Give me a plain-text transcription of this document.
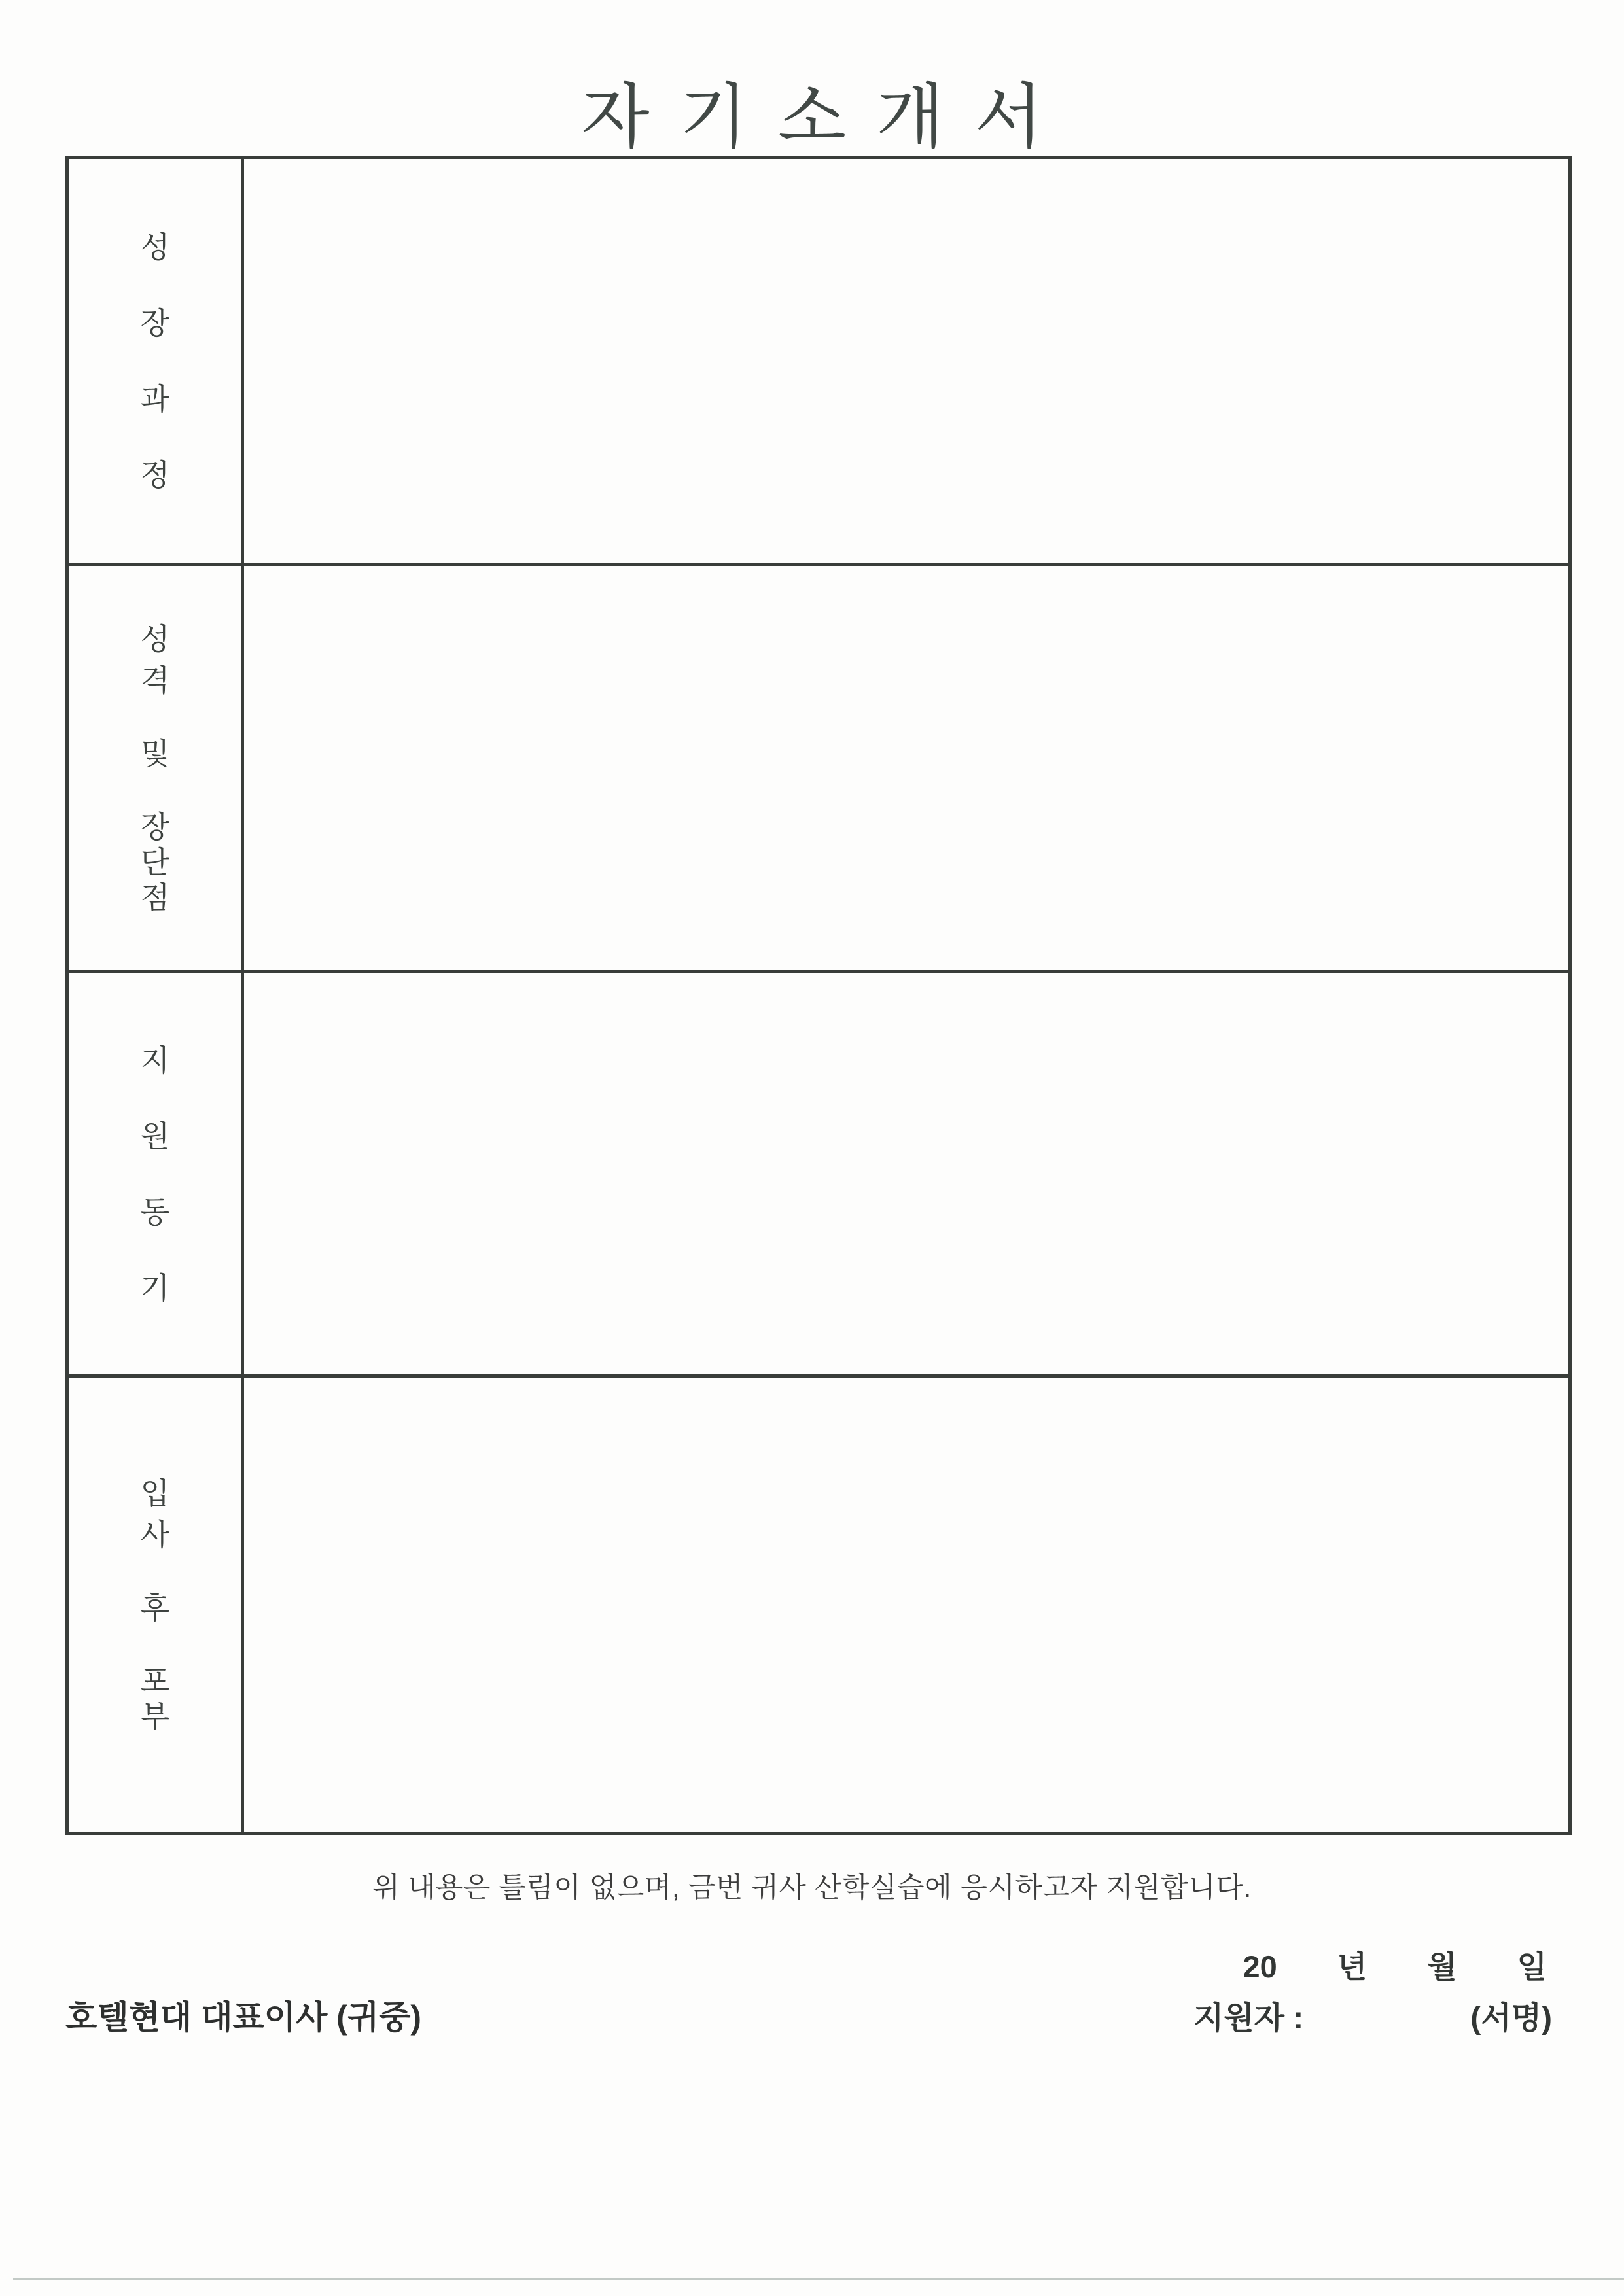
자기소개서
성
장
과
정
성
격
및
장
단
점
지
원
동
기
입
사
후
포
부
위 내용은 틀림이 없으며, 금번 귀사 산학실습에 응시하고자 지원합니다.
20 년 월 일
호텔현대 대표이사 (귀중)	지원자 :	(서명)
